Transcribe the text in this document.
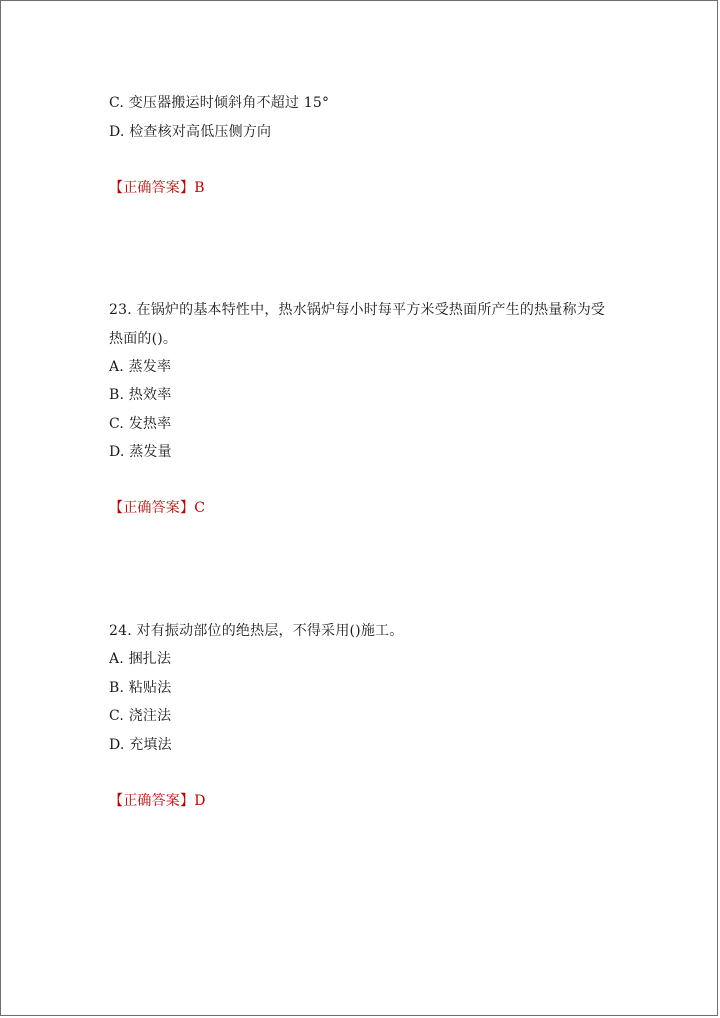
C. 变压器搬运时倾斜角不超过 15°
D. 检查核对高低压侧方向
【正确答案】B
23. 在锅炉的基本特性中，热水锅炉每小时每平方米受热面所产生的热量称为受
热面的()。
A. 蒸发率
B. 热效率
C. 发热率
D. 蒸发量
【正确答案】C
24. 对有振动部位的绝热层，不得采用()施工。
A. 捆扎法
B. 粘贴法
C. 浇注法
D. 充填法
【正确答案】D
